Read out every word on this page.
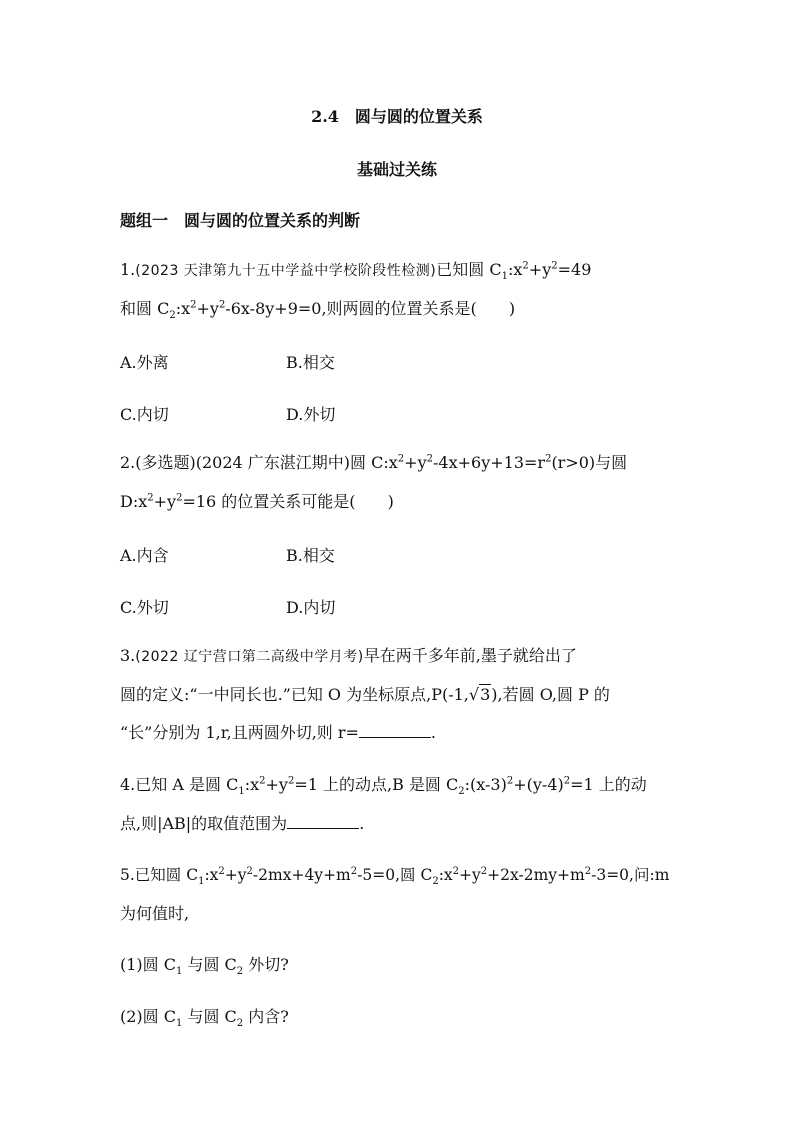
2.4　圆与圆的位置关系
基础过关练
题组一　圆与圆的位置关系的判断
1.(2023 天津第九十五中学益中学校阶段性检测)已知圆 $C_1:x^2+y^2=49$
和圆 $C_2:x^2+y^2-6x-8y+9=0$,则两圆的位置关系是( )
A.外离	B.相交
C.内切	D.外切
2.(多选题)(2024 广东湛江期中)圆 $C:x^2+y^2-4x+6y+13=r^2(r>0)$与圆
$D:x^2+y^2=16$ 的位置关系可能是( )
A.内含	B.相交
C.外切	D.内切
3.(2022 辽宁营口第二高级中学月考)早在两千多年前,墨子就给出了
圆的定义:“一中同长也.”已知 O 为坐标原点,P(-1,√3),若圆 O,圆 P 的
“长”分别为 1,r,且两圆外切,则 r=	.
4.已知 A 是圆 $C_1:x^2+y^2=1$ 上的动点,B 是圆 $C_2:(x-3)^2+(y-4)^2=1$ 上的动
点,则|AB|的取值范围为	.
5.已知圆 $C_1:x^2+y^2-2mx+4y+m^2-5=0$,圆 $C_2:x^2+y^2+2x-2my+m^2-3=0$,问:m
为何值时,
(1)圆 $C_1$ 与圆 $C_2$ 外切?
(2)圆 $C_1$ 与圆 $C_2$ 内含?
